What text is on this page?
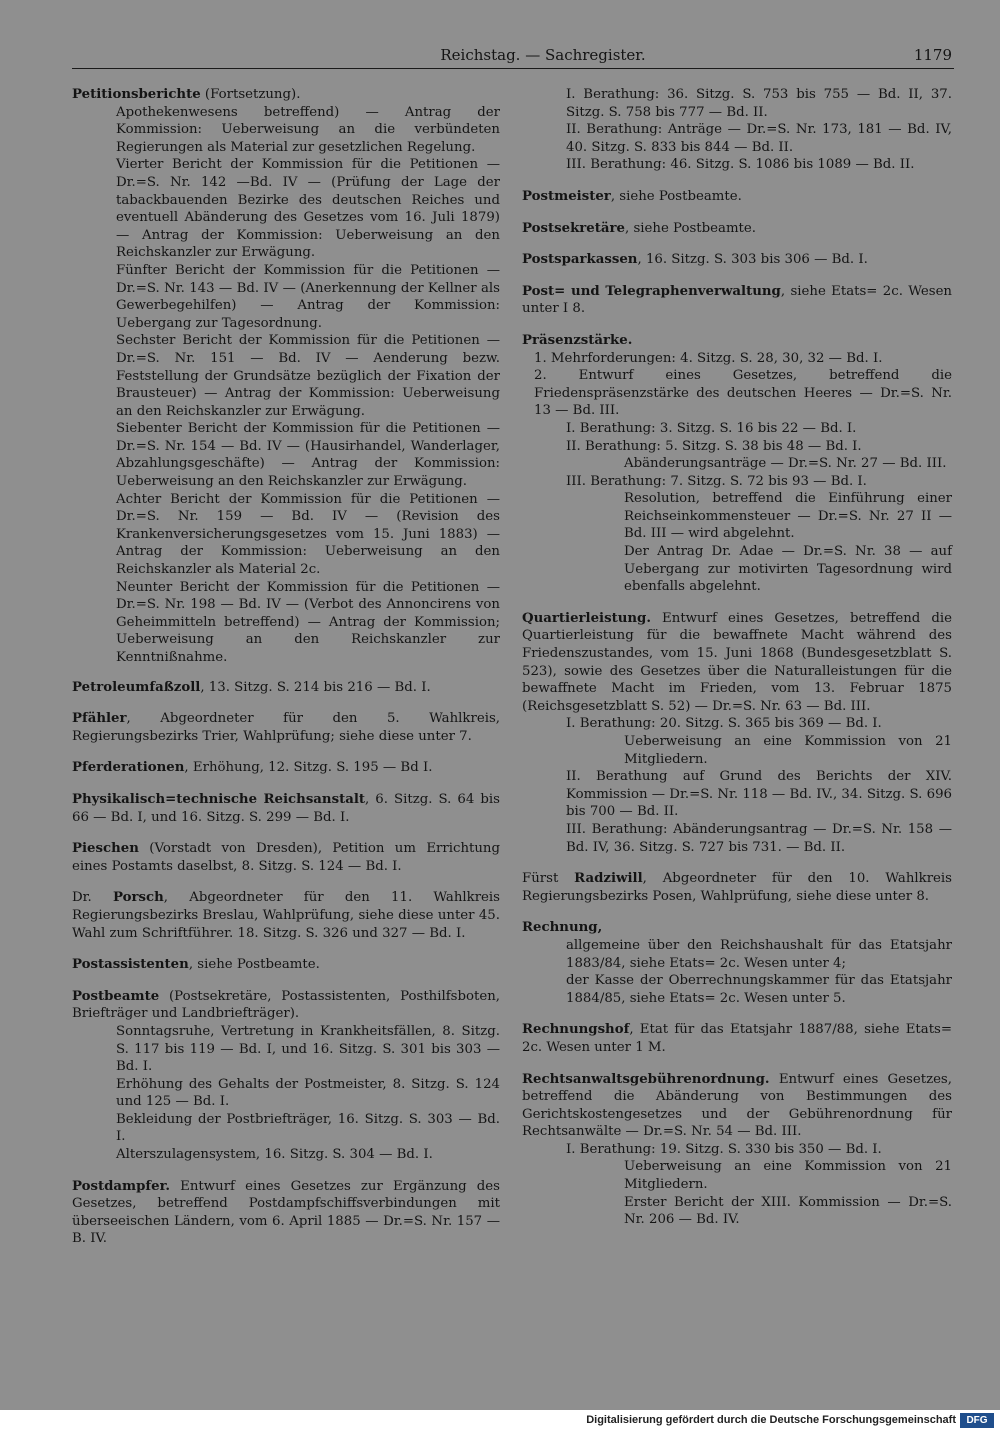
Reichstag. — Sachregister.	1179

Petitionsberichte (Fortsetzung).

Apothekenwesens betreffend) — Antrag der Kommission: Ueberweisung an die verbündeten Regierungen als Material zur gesetzlichen Regelung.

Vierter Bericht der Kommission für die Petitionen — Dr.=S. Nr. 142 —Bd. IV — (Prüfung der Lage der tabackbauenden Bezirke des deutschen Reiches und eventuell Abänderung des Gesetzes vom 16. Juli 1879) — Antrag der Kommission: Ueberweisung an den Reichskanzler zur Erwägung.

Fünfter Bericht der Kommission für die Petitionen — Dr.=S. Nr. 143 — Bd. IV — (Anerkennung der Kellner als Gewerbegehilfen) — Antrag der Kommission: Uebergang zur Tagesordnung.

Sechster Bericht der Kommission für die Petitionen — Dr.=S. Nr. 151 — Bd. IV — Aenderung bezw. Feststellung der Grundsätze bezüglich der Fixation der Brausteuer) — Antrag der Kommission: Ueberweisung an den Reichskanzler zur Erwägung.

Siebenter Bericht der Kommission für die Petitionen — Dr.=S. Nr. 154 — Bd. IV — (Hausirhandel, Wanderlager, Abzahlungsgeschäfte) — Antrag der Kommission: Ueberweisung an den Reichskanzler zur Erwägung.

Achter Bericht der Kommission für die Petitionen — Dr.=S. Nr. 159 — Bd. IV — (Revision des Krankenversicherungsgesetzes vom 15. Juni 1883) — Antrag der Kommission: Ueberweisung an den Reichskanzler als Material 2c.

Neunter Bericht der Kommission für die Petitionen — Dr.=S. Nr. 198 — Bd. IV — (Verbot des Annoncirens von Geheimmitteln betreffend) — Antrag der Kommission; Ueberweisung an den Reichskanzler zur Kenntnißnahme.

Petroleumfaßzoll, 13. Sitzg. S. 214 bis 216 — Bd. I.

Pfähler, Abgeordneter für den 5. Wahlkreis, Regierungsbezirks Trier, Wahlprüfung; siehe diese unter 7.

Pferderationen, Erhöhung, 12. Sitzg. S. 195 — Bd I.

Physikalisch=technische Reichsanstalt, 6. Sitzg. S. 64 bis 66 — Bd. I, und 16. Sitzg. S. 299 — Bd. I.

Pieschen (Vorstadt von Dresden), Petition um Errichtung eines Postamts daselbst, 8. Sitzg. S. 124 — Bd. I.

Dr. Porsch, Abgeordneter für den 11. Wahlkreis Regierungsbezirks Breslau, Wahlprüfung, siehe diese unter 45. Wahl zum Schriftführer. 18. Sitzg. S. 326 und 327 — Bd. I.

Postassistenten, siehe Postbeamte.

Postbeamte (Postsekretäre, Postassistenten, Posthilfsboten, Briefträger und Landbriefträger).

Sonntagsruhe, Vertretung in Krankheitsfällen, 8. Sitzg. S. 117 bis 119 — Bd. I, und 16. Sitzg. S. 301 bis 303 — Bd. I.

Erhöhung des Gehalts der Postmeister, 8. Sitzg. S. 124 und 125 — Bd. I.

Bekleidung der Postbriefträger, 16. Sitzg. S. 303 — Bd. I.

Alterszulagensystem, 16. Sitzg. S. 304 — Bd. I.

Postdampfer. Entwurf eines Gesetzes zur Ergänzung des Gesetzes, betreffend Postdampfschiffsverbindungen mit überseeischen Ländern, vom 6. April 1885 — Dr.=S. Nr. 157 — B. IV.

I. Berathung: 36. Sitzg. S. 753 bis 755 — Bd. II, 37. Sitzg. S. 758 bis 777 — Bd. II.

II. Berathung: Anträge — Dr.=S. Nr. 173, 181 — Bd. IV, 40. Sitzg. S. 833 bis 844 — Bd. II.

III. Berathung: 46. Sitzg. S. 1086 bis 1089 — Bd. II.

Postmeister, siehe Postbeamte.

Postsekretäre, siehe Postbeamte.

Postsparkassen, 16. Sitzg. S. 303 bis 306 — Bd. I.

Post= und Telegraphenverwaltung, siehe Etats= 2c. Wesen unter I 8.

Präsenzstärke.

1. Mehrforderungen: 4. Sitzg. S. 28, 30, 32 — Bd. I.

2. Entwurf eines Gesetzes, betreffend die Friedenspräsenzstärke des deutschen Heeres — Dr.=S. Nr. 13 — Bd. III.

I. Berathung: 3. Sitzg. S. 16 bis 22 — Bd. I.

II. Berathung: 5. Sitzg. S. 38 bis 48 — Bd. I.

Abänderungsanträge — Dr.=S. Nr. 27 — Bd. III.

III. Berathung: 7. Sitzg. S. 72 bis 93 — Bd. I.

Resolution, betreffend die Einführung einer Reichseinkommensteuer — Dr.=S. Nr. 27 II — Bd. III — wird abgelehnt.

Der Antrag Dr. Adae — Dr.=S. Nr. 38 — auf Uebergang zur motivirten Tagesordnung wird ebenfalls abgelehnt.

Quartierleistung. Entwurf eines Gesetzes, betreffend die Quartierleistung für die bewaffnete Macht während des Friedenszustandes, vom 15. Juni 1868 (Bundesgesetzblatt S. 523), sowie des Gesetzes über die Naturalleistungen für die bewaffnete Macht im Frieden, vom 13. Februar 1875 (Reichsgesetzblatt S. 52) — Dr.=S. Nr. 63 — Bd. III.

I. Berathung: 20. Sitzg. S. 365 bis 369 — Bd. I.

Ueberweisung an eine Kommission von 21 Mitgliedern.

II. Berathung auf Grund des Berichts der XIV. Kommission — Dr.=S. Nr. 118 — Bd. IV., 34. Sitzg. S. 696 bis 700 — Bd. II.

III. Berathung: Abänderungsantrag — Dr.=S. Nr. 158 — Bd. IV, 36. Sitzg. S. 727 bis 731. — Bd. II.

Fürst Radziwill, Abgeordneter für den 10. Wahlkreis Regierungsbezirks Posen, Wahlprüfung, siehe diese unter 8.

Rechnung,

allgemeine über den Reichshaushalt für das Etatsjahr 1883/84, siehe Etats= 2c. Wesen unter 4;

der Kasse der Oberrechnungskammer für das Etatsjahr 1884/85, siehe Etats= 2c. Wesen unter 5.

Rechnungshof, Etat für das Etatsjahr 1887/88, siehe Etats= 2c. Wesen unter 1 M.

Rechtsanwaltsgebührenordnung. Entwurf eines Gesetzes, betreffend die Abänderung von Bestimmungen des Gerichtskostengesetzes und der Gebührenordnung für Rechtsanwälte — Dr.=S. Nr. 54 — Bd. III.

I. Berathung: 19. Sitzg. S. 330 bis 350 — Bd. I.

Ueberweisung an eine Kommission von 21 Mitgliedern.

Erster Bericht der XIII. Kommission — Dr.=S. Nr. 206 — Bd. IV.

Digitalisierung gefördert durch die Deutsche Forschungsgemeinschaft	DFG
